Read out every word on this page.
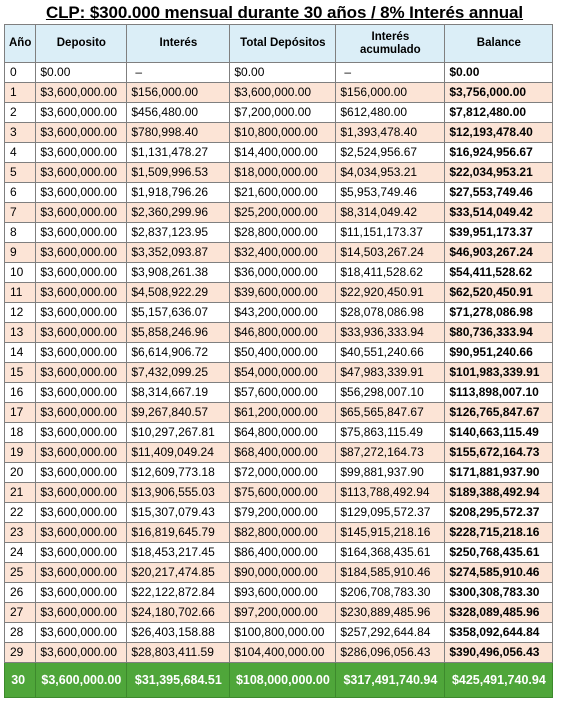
CLP: $300.000 mensual durante 30 años / 8% Interés annual
Año	Deposito	Interés	Total Depósitos	Interés acumulado	Balance
0	$0.00	–	$0.00	–	$0.00
1	$3,600,000.00	$156,000.00	$3,600,000.00	$156,000.00	$3,756,000.00
2	$3,600,000.00	$456,480.00	$7,200,000.00	$612,480.00	$7,812,480.00
3	$3,600,000.00	$780,998.40	$10,800,000.00	$1,393,478.40	$12,193,478.40
4	$3,600,000.00	$1,131,478.27	$14,400,000.00	$2,524,956.67	$16,924,956.67
5	$3,600,000.00	$1,509,996.53	$18,000,000.00	$4,034,953.21	$22,034,953.21
6	$3,600,000.00	$1,918,796.26	$21,600,000.00	$5,953,749.46	$27,553,749.46
7	$3,600,000.00	$2,360,299.96	$25,200,000.00	$8,314,049.42	$33,514,049.42
8	$3,600,000.00	$2,837,123.95	$28,800,000.00	$11,151,173.37	$39,951,173.37
9	$3,600,000.00	$3,352,093.87	$32,400,000.00	$14,503,267.24	$46,903,267.24
10	$3,600,000.00	$3,908,261.38	$36,000,000.00	$18,411,528.62	$54,411,528.62
11	$3,600,000.00	$4,508,922.29	$39,600,000.00	$22,920,450.91	$62,520,450.91
12	$3,600,000.00	$5,157,636.07	$43,200,000.00	$28,078,086.98	$71,278,086.98
13	$3,600,000.00	$5,858,246.96	$46,800,000.00	$33,936,333.94	$80,736,333.94
14	$3,600,000.00	$6,614,906.72	$50,400,000.00	$40,551,240.66	$90,951,240.66
15	$3,600,000.00	$7,432,099.25	$54,000,000.00	$47,983,339.91	$101,983,339.91
16	$3,600,000.00	$8,314,667.19	$57,600,000.00	$56,298,007.10	$113,898,007.10
17	$3,600,000.00	$9,267,840.57	$61,200,000.00	$65,565,847.67	$126,765,847.67
18	$3,600,000.00	$10,297,267.81	$64,800,000.00	$75,863,115.49	$140,663,115.49
19	$3,600,000.00	$11,409,049.24	$68,400,000.00	$87,272,164.73	$155,672,164.73
20	$3,600,000.00	$12,609,773.18	$72,000,000.00	$99,881,937.90	$171,881,937.90
21	$3,600,000.00	$13,906,555.03	$75,600,000.00	$113,788,492.94	$189,388,492.94
22	$3,600,000.00	$15,307,079.43	$79,200,000.00	$129,095,572.37	$208,295,572.37
23	$3,600,000.00	$16,819,645.79	$82,800,000.00	$145,915,218.16	$228,715,218.16
24	$3,600,000.00	$18,453,217.45	$86,400,000.00	$164,368,435.61	$250,768,435.61
25	$3,600,000.00	$20,217,474.85	$90,000,000.00	$184,585,910.46	$274,585,910.46
26	$3,600,000.00	$22,122,872.84	$93,600,000.00	$206,708,783.30	$300,308,783.30
27	$3,600,000.00	$24,180,702.66	$97,200,000.00	$230,889,485.96	$328,089,485.96
28	$3,600,000.00	$26,403,158.88	$100,800,000.00	$257,292,644.84	$358,092,644.84
29	$3,600,000.00	$28,803,411.59	$104,400,000.00	$286,096,056.43	$390,496,056.43
30	$3,600,000.00	$31,395,684.51	$108,000,000.00	$317,491,740.94	$425,491,740.94
